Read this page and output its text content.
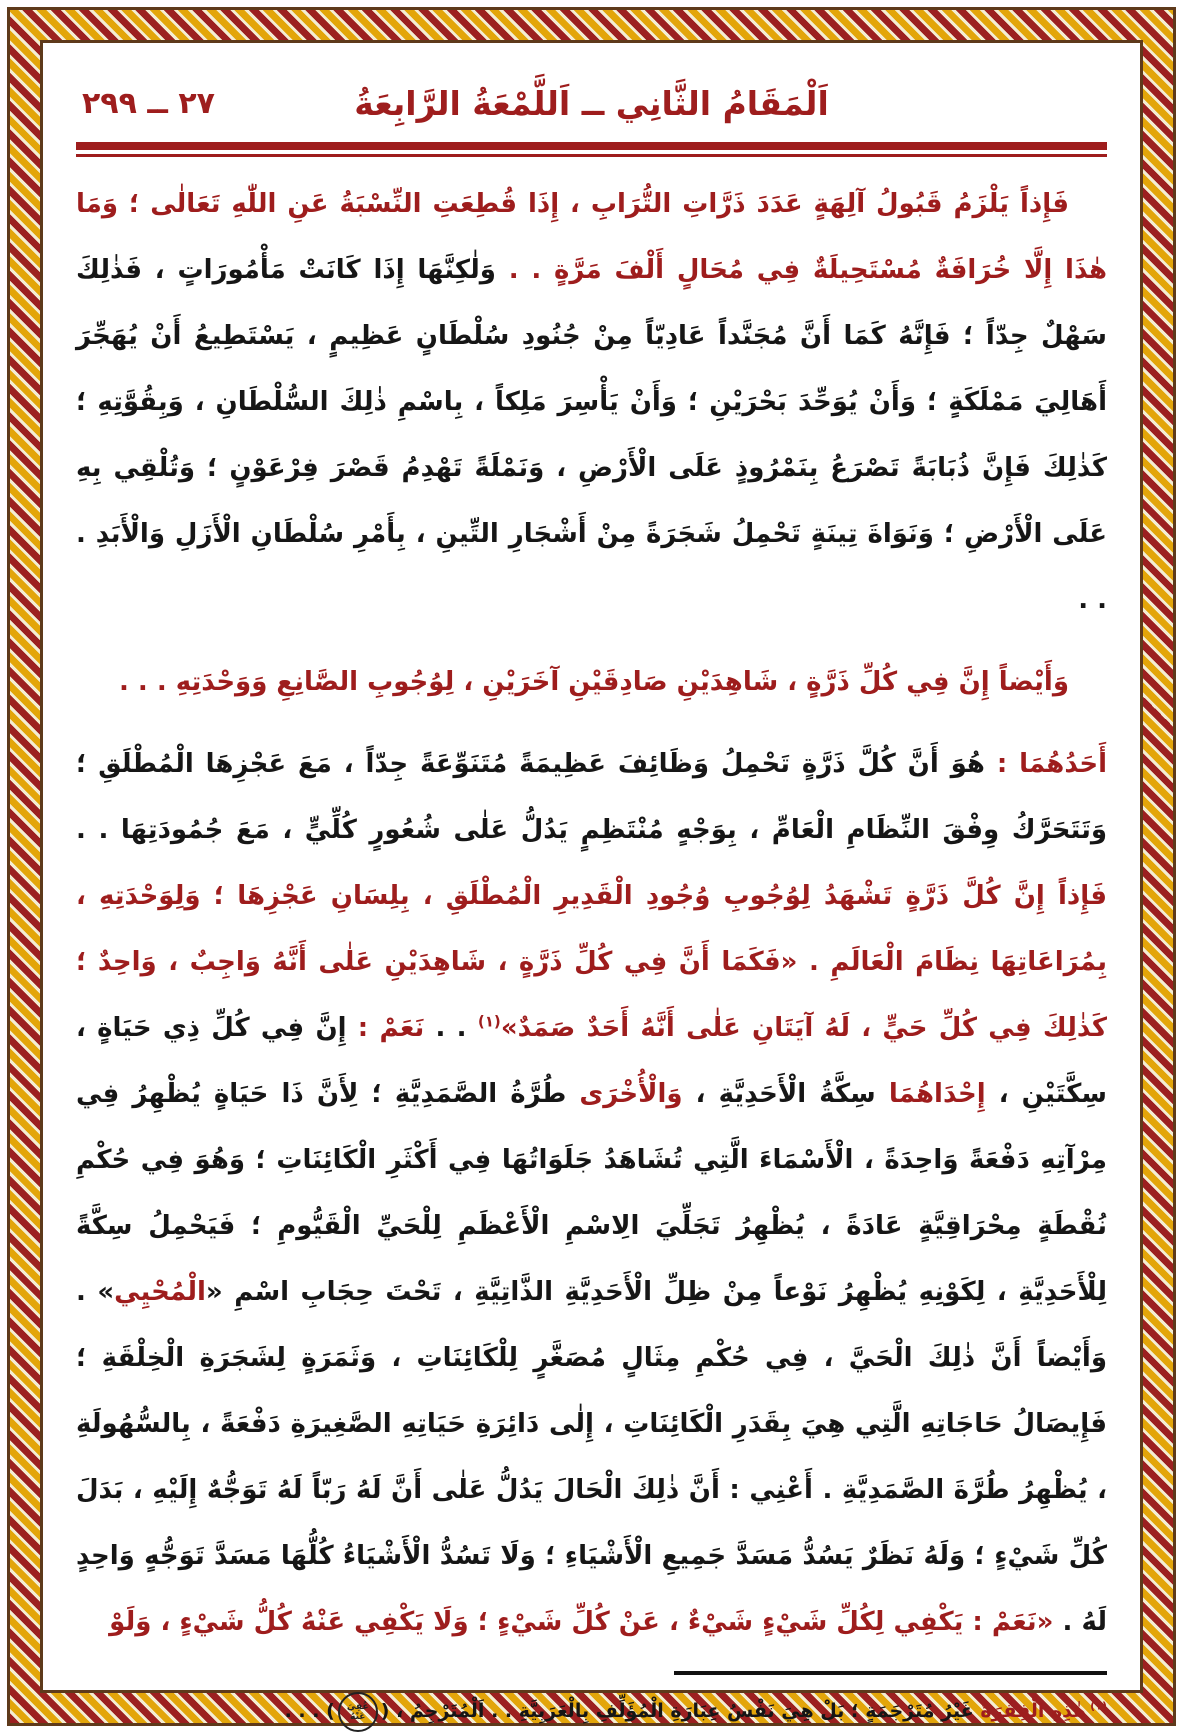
٢٧ ــ ٢٩٩	اَلْمَقَامُ الثَّانِي ــ اَللَّمْعَةُ الرَّابِعَةُ

فَإِذاً يَلْزَمُ قَبُولُ آلِهَةٍ عَدَدَ ذَرَّاتِ التُّرَابِ ، إِذَا قُطِعَتِ النِّسْبَةُ عَنِ اللّٰهِ تَعَالٰى ؛ وَمَا هٰذَا إِلَّا خُرَافَةٌ مُسْتَحِيلَةٌ فِي مُحَالٍ أَلْفَ مَرَّةٍ . . وَلٰكِنَّهَا إِذَا كَانَتْ مَأْمُورَاتٍ ، فَذٰلِكَ سَهْلٌ جِدّاً ؛ فَإِنَّهُ كَمَا أَنَّ مُجَنَّداً عَادِيّاً مِنْ جُنُودِ سُلْطَانٍ عَظِيمٍ ، يَسْتَطِيعُ أَنْ يُهَجِّرَ أَهَالِيَ مَمْلَكَةٍ ؛ وَأَنْ يُوَحِّدَ بَحْرَيْنِ ؛ وَأَنْ يَأْسِرَ مَلِكاً ، بِاسْمِ ذٰلِكَ السُّلْطَانِ ، وَبِقُوَّتِهِ ؛ كَذٰلِكَ فَإِنَّ ذُبَابَةً تَصْرَعُ بِنَمْرُوذٍ عَلَى الْأَرْضِ ، وَنَمْلَةً تَهْدِمُ قَصْرَ فِرْعَوْنٍ ؛ وَتُلْقِي بِهِ عَلَى الْأَرْضِ ؛ وَنَوَاةَ تِينَةٍ تَحْمِلُ شَجَرَةً مِنْ أَشْجَارِ التِّينِ ، بِأَمْرِ سُلْطَانِ الْأَزَلِ وَالْأَبَدِ . . .

وَأَيْضاً إِنَّ فِي كُلِّ ذَرَّةٍ ، شَاهِدَيْنِ صَادِقَيْنِ آخَرَيْنِ ، لِوُجُوبِ الصَّانِعِ وَوَحْدَتِهِ . . .

أَحَدُهُمَا : هُوَ أَنَّ كُلَّ ذَرَّةٍ تَحْمِلُ وَظَائِفَ عَظِيمَةً مُتَنَوِّعَةً جِدّاً ، مَعَ عَجْزِهَا الْمُطْلَقِ ؛ وَتَتَحَرَّكُ وِفْقَ النِّظَامِ الْعَامِّ ، بِوَجْهٍ مُنْتَظِمٍ يَدُلُّ عَلٰى شُعُورٍ كُلِّيٍّ ، مَعَ جُمُودَتِهَا . . فَإِذاً إِنَّ كُلَّ ذَرَّةٍ تَشْهَدُ لِوُجُوبِ وُجُودِ الْقَدِيرِ الْمُطْلَقِ ، بِلِسَانِ عَجْزِهَا ؛ وَلِوَحْدَتِهِ ، بِمُرَاعَاتِهَا نِظَامَ الْعَالَمِ . «فَكَمَا أَنَّ فِي كُلِّ ذَرَّةٍ ، شَاهِدَيْنِ عَلٰى أَنَّهُ وَاجِبٌ ، وَاحِدٌ ؛ كَذٰلِكَ فِي كُلِّ حَيٍّ ، لَهُ آيَتَانِ عَلٰى أَنَّهُ أَحَدٌ صَمَدٌ»$^{(١)}$ . . نَعَمْ : إِنَّ فِي كُلِّ ذِي حَيَاةٍ ، سِكَّتَيْنِ ، إِحْدَاهُمَا سِكَّةُ الْأَحَدِيَّةِ ، وَالْأُخْرَى طُرَّةُ الصَّمَدِيَّةِ ؛ لِأَنَّ ذَا حَيَاةٍ يُظْهِرُ فِي مِرْآتِهِ دَفْعَةً وَاحِدَةً ، الْأَسْمَاءَ الَّتِي تُشَاهَدُ جَلَوَاتُهَا فِي أَكْثَرِ الْكَائِنَاتِ ؛ وَهُوَ فِي حُكْمِ نُقْطَةٍ مِحْرَاقِيَّةٍ عَادَةً ، يُظْهِرُ تَجَلِّيَ الِاسْمِ الْأَعْظَمِ لِلْحَيِّ الْقَيُّومِ ؛ فَيَحْمِلُ سِكَّةً لِلْأَحَدِيَّةِ ، لِكَوْنِهِ يُظْهِرُ نَوْعاً مِنْ ظِلِّ الْأَحَدِيَّةِ الذَّاتِيَّةِ ، تَحْتَ حِجَابِ اسْمِ «الْمُحْيِي» . وَأَيْضاً أَنَّ ذٰلِكَ الْحَيَّ ، فِي حُكْمِ مِثَالٍ مُصَغَّرٍ لِلْكَائِنَاتِ ، وَثَمَرَةٍ لِشَجَرَةِ الْخِلْقَةِ ؛ فَإِيصَالُ حَاجَاتِهِ الَّتِي هِيَ بِقَدَرِ الْكَائِنَاتِ ، إِلٰى دَائِرَةِ حَيَاتِهِ الصَّغِيرَةِ دَفْعَةً ، بِالسُّهُولَةِ ، يُظْهِرُ طُرَّةَ الصَّمَدِيَّةِ . أَعْنِي : أَنَّ ذٰلِكَ الْحَالَ يَدُلُّ عَلٰى أَنَّ لَهُ رَبّاً لَهُ تَوَجُّهٌ إِلَيْهِ ، بَدَلَ كُلِّ شَيْءٍ ؛ وَلَهُ نَظَرٌ يَسُدُّ مَسَدَّ جَمِيعِ الْأَشْيَاءِ ؛ وَلَا تَسُدُّ الْأَشْيَاءُ كُلُّهَا مَسَدَّ تَوَجُّهٍ وَاحِدٍ لَهُ . «نَعَمْ : يَكْفِي لِكُلِّ شَيْءٍ شَيْءٌ ، عَنْ كُلِّ شَيْءٍ ؛ وَلَا يَكْفِي عَنْهُ كُلُّ شَيْءٍ ، وَلَوْ

$^{(١)}$ هٰذِهِ الْفِقْرَةُ غَيْرُ مُتَرْجَمَةٍ ؛ بَلْ هِيَ نَفْسُ عِبَارَةِ الْمُؤَلِّفِ بِالْعَرَبِيَّةِ . . اَلْمُتَرْجِمُ ، (
عُفِيَ
عَنْهُ
) . . .
